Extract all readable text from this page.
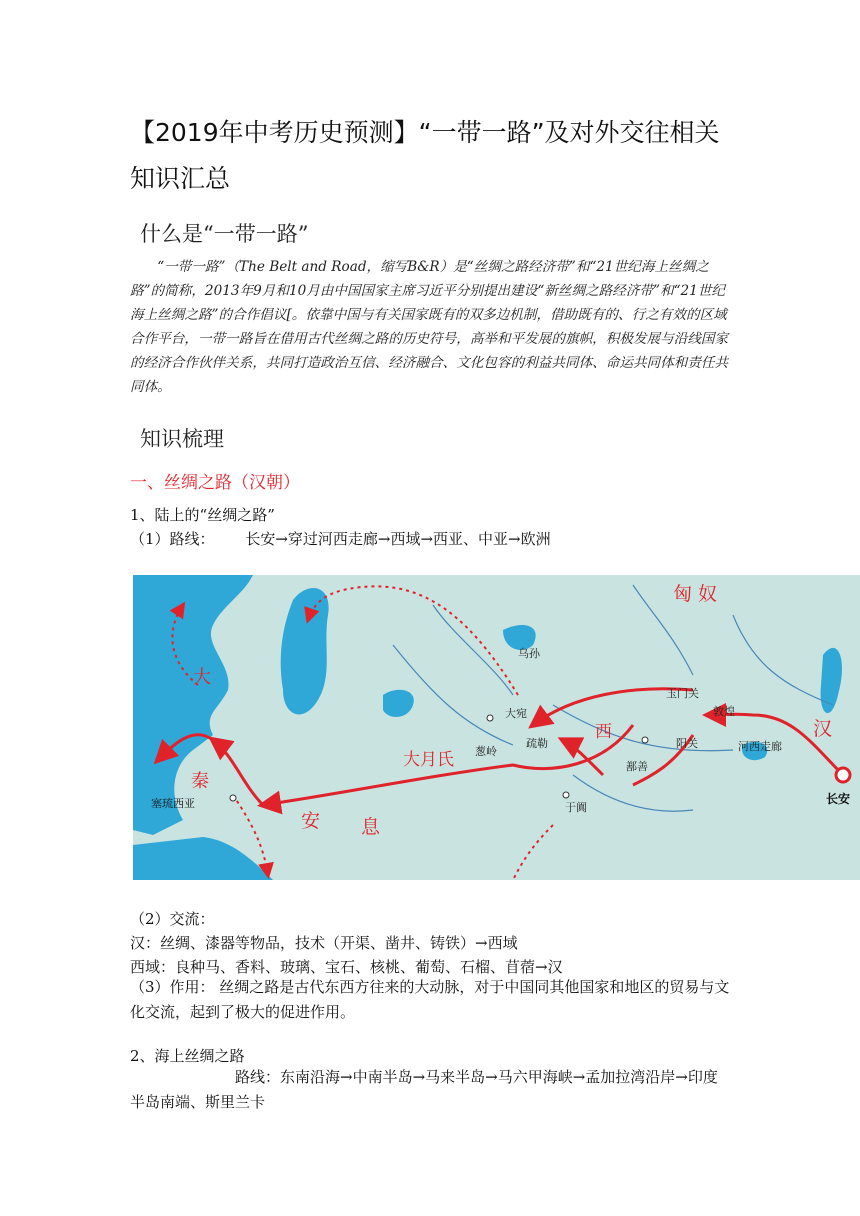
【2019年中考历史预测】“一带一路”及对外交往相关知识汇总
什么是“一带一路”
“一带一路”（The Belt and Road，缩写B&R）是“丝绸之路经济带”和“21世纪海上丝绸之路”的简称，2013年9月和10月由中国国家主席习近平分别提出建设“新丝绸之路经济带”和“21世纪海上丝绸之路”的合作倡议[。依靠中国与有关国家既有的双多边机制，借助既有的、行之有效的区域合作平台，一带一路旨在借用古代丝绸之路的历史符号，高举和平发展的旗帜，积极发展与沿线国家的经济合作伙伴关系，共同打造政治互信、经济融合、文化包容的利益共同体、命运共同体和责任共同体。
知识梳理
一、丝绸之路（汉朝）
1、陆上的“丝绸之路”
（1）路线： 长安→穿过河西走廊→西域→西亚、中亚→欧洲
匈 奴
乌孙
玉门关
敦煌
汉
长安
河西走廊
阳关
鄯善
西
大宛
葱岭
疏勒
于阗
大月氏
安 息
大
秦
塞琉西亚
（2）交流：
汉：丝绸、漆器等物品，技术（开渠、凿井、铸铁）→西域
西域：良种马、香料、玻璃、宝石、核桃、葡萄、石榴、苜蓿→汉
（3）作用： 丝绸之路是古代东西方往来的大动脉，对于中国同其他国家和地区的贸易与文化交流，起到了极大的促进作用。
2、海上丝绸之路
路线：东南沿海→中南半岛→马来半岛→马六甲海峡→孟加拉湾沿岸→印度半岛南端、斯里兰卡
